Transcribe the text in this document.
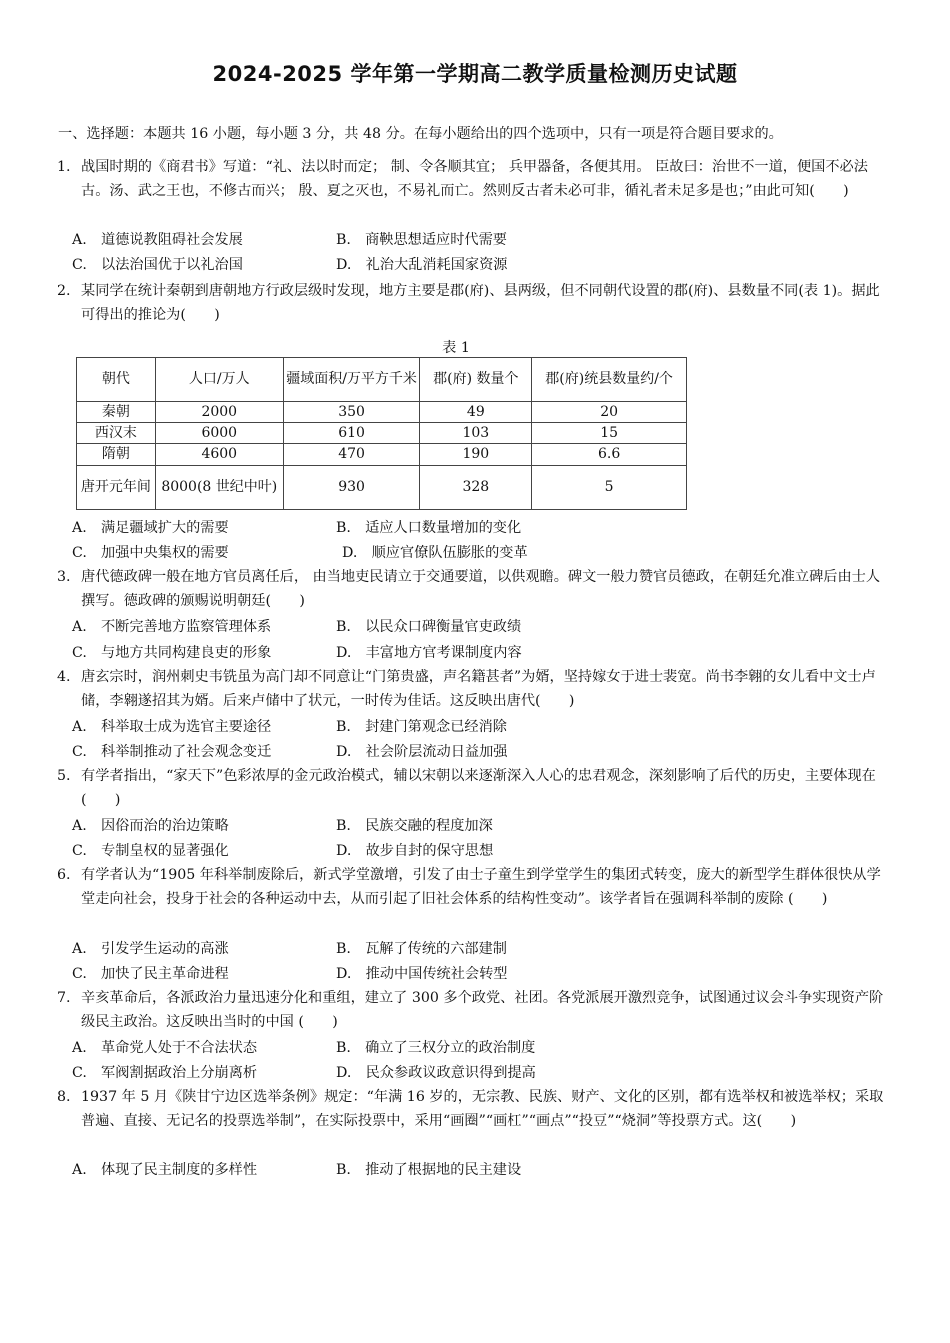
2024-2025 学年第一学期高二教学质量检测历史试题
一、选择题：本题共 16 小题，每小题 3 分，共 48 分。在每小题给出的四个选项中，只有一项是符合题目要求的。
1. 战国时期的《商君书》写道：“礼、法以时而定； 制、令各顺其宜； 兵甲器备，各便其用。 臣故曰：治世不一道，便国不必法古。汤、武之王也，不修古而兴； 殷、夏之灭也，不易礼而亡。然则反古者未必可非，循礼者未足多是也；”由此可知(　　)
A.　道德说教阻碍社会发展	B.　商鞅思想适应时代需要
C.　以法治国优于以礼治国	D.　礼治大乱消耗国家资源
2. 某同学在统计秦朝到唐朝地方行政层级时发现，地方主要是郡(府)、县两级，但不同朝代设置的郡(府)、县数量不同(表 1)。据此可得出的推论为(　　)
表 1
朝代	人口/万人	疆域面积/万平方千米	郡(府) 数量个	郡(府)统县数量约/个
秦朝	2000	350	49	20
西汉末	6000	610	103	15
隋朝	4600	470	190	6.6
唐开元年间	8000(8 世纪中叶)	930	328	5
A.　满足疆域扩大的需要	B.　适应人口数量增加的变化
C.　加强中央集权的需要	D.　顺应官僚队伍膨胀的变革
3. 唐代德政碑一般在地方官员离任后， 由当地吏民请立于交通要道，以供观瞻。碑文一般力赞官员德政，在朝廷允准立碑后由士人撰写。德政碑的颁赐说明朝廷(　　)
A.　不断完善地方监察管理体系	B.　以民众口碑衡量官吏政绩
C.　与地方共同构建良吏的形象	D.　丰富地方官考课制度内容
4. 唐玄宗时，润州刺史韦铣虽为高门却不同意让“门第贵盛，声名籍甚者”为婿，坚持嫁女于进士裴宽。尚书李翱的女儿看中文士卢储，李翱遂招其为婿。后来卢储中了状元，一时传为佳话。这反映出唐代(　　)
A.　科举取士成为选官主要途径	B.　封建门第观念已经消除
C.　科举制推动了社会观念变迁	D.　社会阶层流动日益加强
5. 有学者指出，“家天下”色彩浓厚的金元政治模式，辅以宋朝以来逐渐深入人心的忠君观念，深刻影响了后代的历史，主要体现在(　　)
A.　因俗而治的治边策略	B.　民族交融的程度加深
C.　专制皇权的显著强化	D.　故步自封的保守思想
6. 有学者认为“1905 年科举制废除后，新式学堂激增，引发了由士子童生到学堂学生的集团式转变，庞大的新型学生群体很快从学堂走向社会，投身于社会的各种运动中去，从而引起了旧社会体系的结构性变动”。该学者旨在强调科举制的废除 (　　)
A.　引发学生运动的高涨	B.　瓦解了传统的六部建制
C.　加快了民主革命进程	D.　推动中国传统社会转型
7. 辛亥革命后，各派政治力量迅速分化和重组，建立了 300 多个政党、社团。各党派展开激烈竞争，试图通过议会斗争实现资产阶级民主政治。这反映出当时的中国 (　　)
A.　革命党人处于不合法状态	B.　确立了三权分立的政治制度
C.　军阀割据政治上分崩离析	D.　民众参政议政意识得到提高
8. 1937 年 5 月《陕甘宁边区选举条例》规定：“年满 16 岁的，无宗教、民族、财产、文化的区别，都有选举权和被选举权；采取普遍、直接、无记名的投票选举制”，在实际投票中，采用“画圈”“画杠”“画点”“投豆”“烧洞”等投票方式。这(　　)
A.　体现了民主制度的多样性	B.　推动了根据地的民主建设
